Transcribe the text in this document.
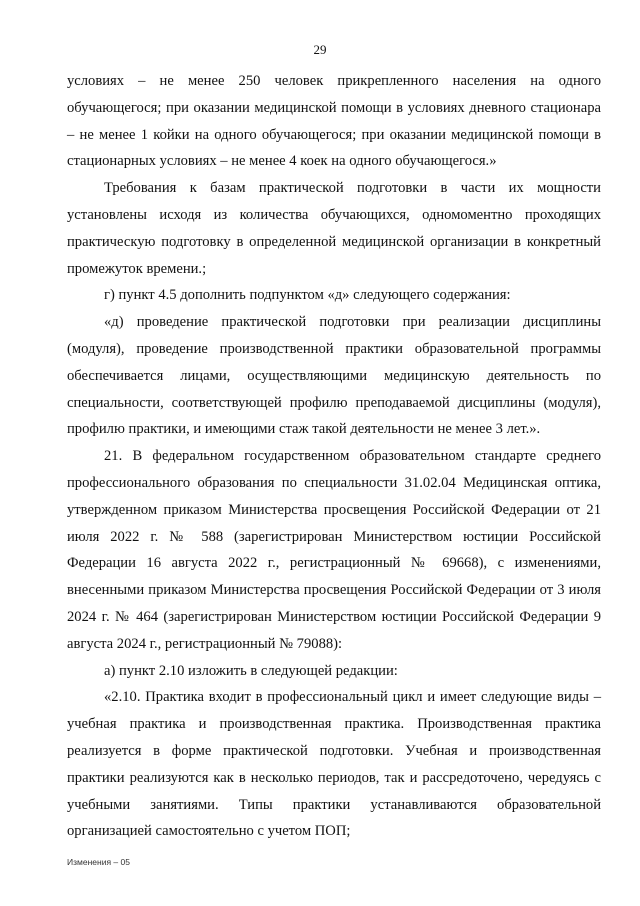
29

условиях – не менее 250 человек прикрепленного населения на одного обучающегося; при оказании медицинской помощи в условиях дневного стационара – не менее 1 койки на одного обучающегося; при оказании медицинской помощи в стационарных условиях – не менее 4 коек на одного обучающегося.»

Требования к базам практической подготовки в части их мощности установлены исходя из количества обучающихся, одномоментно проходящих практическую подготовку в определенной медицинской организации в конкретный промежуток времени.;

г) пункт 4.5 дополнить подпунктом «д» следующего содержания:

«д) проведение практической подготовки при реализации дисциплины (модуля), проведение производственной практики образовательной программы обеспечивается лицами, осуществляющими медицинскую деятельность по специальности, соответствующей профилю преподаваемой дисциплины (модуля), профилю практики, и имеющими стаж такой деятельности не менее 3 лет.».

21. В федеральном государственном образовательном стандарте среднего профессионального образования по специальности 31.02.04 Медицинская оптика, утвержденном приказом Министерства просвещения Российской Федерации от 21 июля 2022 г. № 588 (зарегистрирован Министерством юстиции Российской Федерации 16 августа 2022 г., регистрационный № 69668), с изменениями, внесенными приказом Министерства просвещения Российской Федерации от 3 июля 2024 г. № 464 (зарегистрирован Министерством юстиции Российской Федерации 9 августа 2024 г., регистрационный № 79088):

а) пункт 2.10 изложить в следующей редакции:

«2.10. Практика входит в профессиональный цикл и имеет следующие виды – учебная практика и производственная практика. Производственная практика реализуется в форме практической подготовки. Учебная и производственная практики реализуются как в несколько периодов, так и рассредоточено, чередуясь с учебными занятиями. Типы практики устанавливаются образовательной организацией самостоятельно с учетом ПОП;

Изменения – 05
